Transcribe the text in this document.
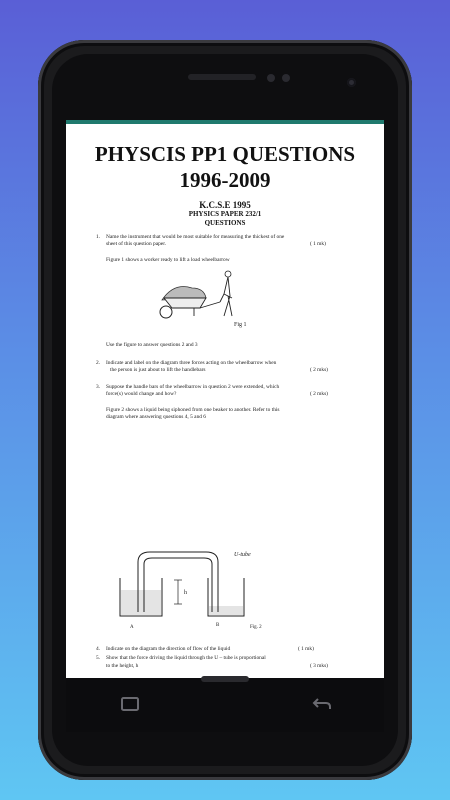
PHYSCIS PP1 QUESTIONS
1996-2009
K.C.S.E 1995
PHYSICS PAPER 232/1
QUESTIONS
1. Name the instrument that would be most suitable for measuring the thickest of one
sheet of this question paper.	( 1 mk)
Figure 1 shows a worker ready to lift a load wheelbarrow
Fig 1
Use the figure to answer questions 2 and 3
2. Indicate and label on the diagram three forces acting on the wheelbarrow when
the person is just about to lift the handlebars	( 2 mks)
3. Suppose the handle bars of the wheelbarrow in question 2 were extended, which
force(s) would change and how?	( 2 mks)
Figure 2 shows a liquid being siphoned from one beaker to another. Refer to this
diagram where answering questions 4, 5 and 6
h
A	B	Fig. 2
U-tube
4. Indicate on the diagram the direction of flow of the liquid	( 1 mk)
5. Show that the force driving the liquid through the U – tube is proportional
to the height, h	( 3 mks)
